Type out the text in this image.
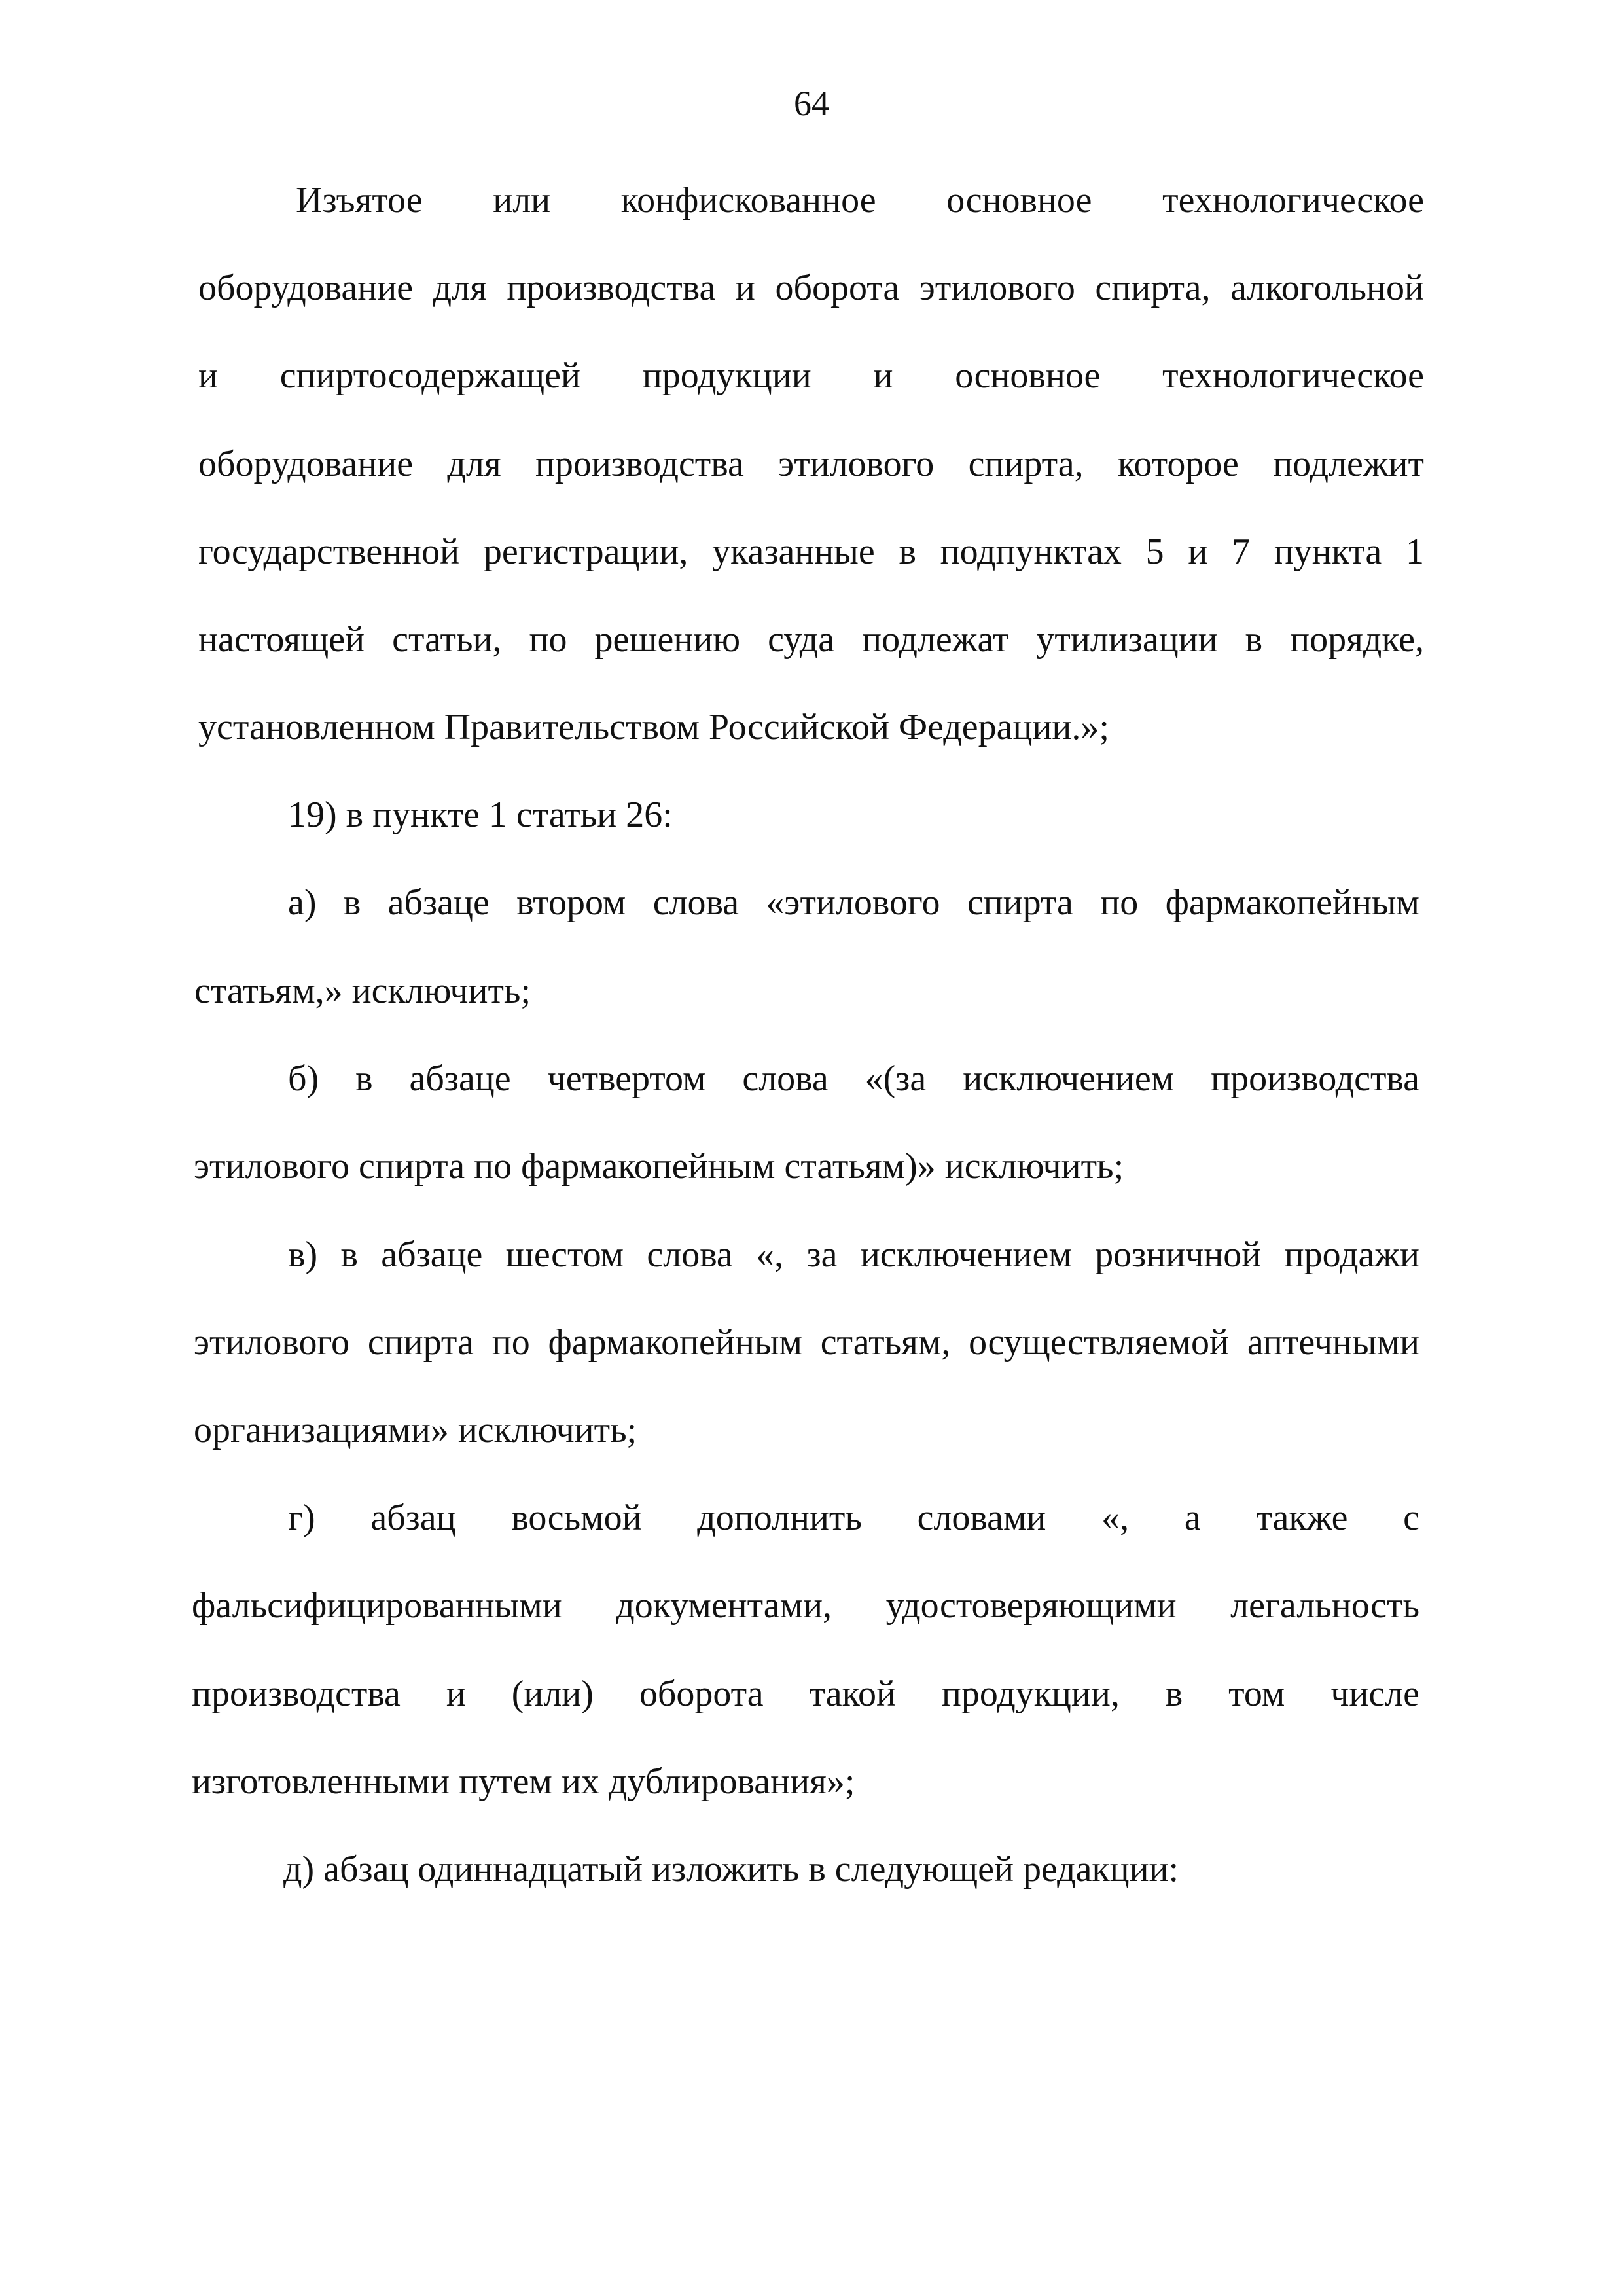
64
Изъятое или конфискованное основное технологическое
оборудование для производства и оборота этилового спирта, алкогольной
и спиртосодержащей продукции и основное технологическое
оборудование для производства этилового спирта, которое подлежит
государственной регистрации, указанные в подпунктах 5 и 7 пункта 1
настоящей статьи, по решению суда подлежат утилизации в порядке,
установленном Правительством Российской Федерации.»;
19) в пункте 1 статьи 26:
а) в абзаце втором слова «этилового спирта по фармакопейным
статьям,» исключить;
б) в абзаце четвертом слова «(за исключением производства
этилового спирта по фармакопейным статьям)» исключить;
в) в абзаце шестом слова «, за исключением розничной продажи
этилового спирта по фармакопейным статьям, осуществляемой аптечными
организациями» исключить;
г) абзац восьмой дополнить словами «, а также с
фальсифицированными документами, удостоверяющими легальность
производства и (или) оборота такой продукции, в том числе
изготовленными путем их дублирования»;
д) абзац одиннадцатый изложить в следующей редакции:
